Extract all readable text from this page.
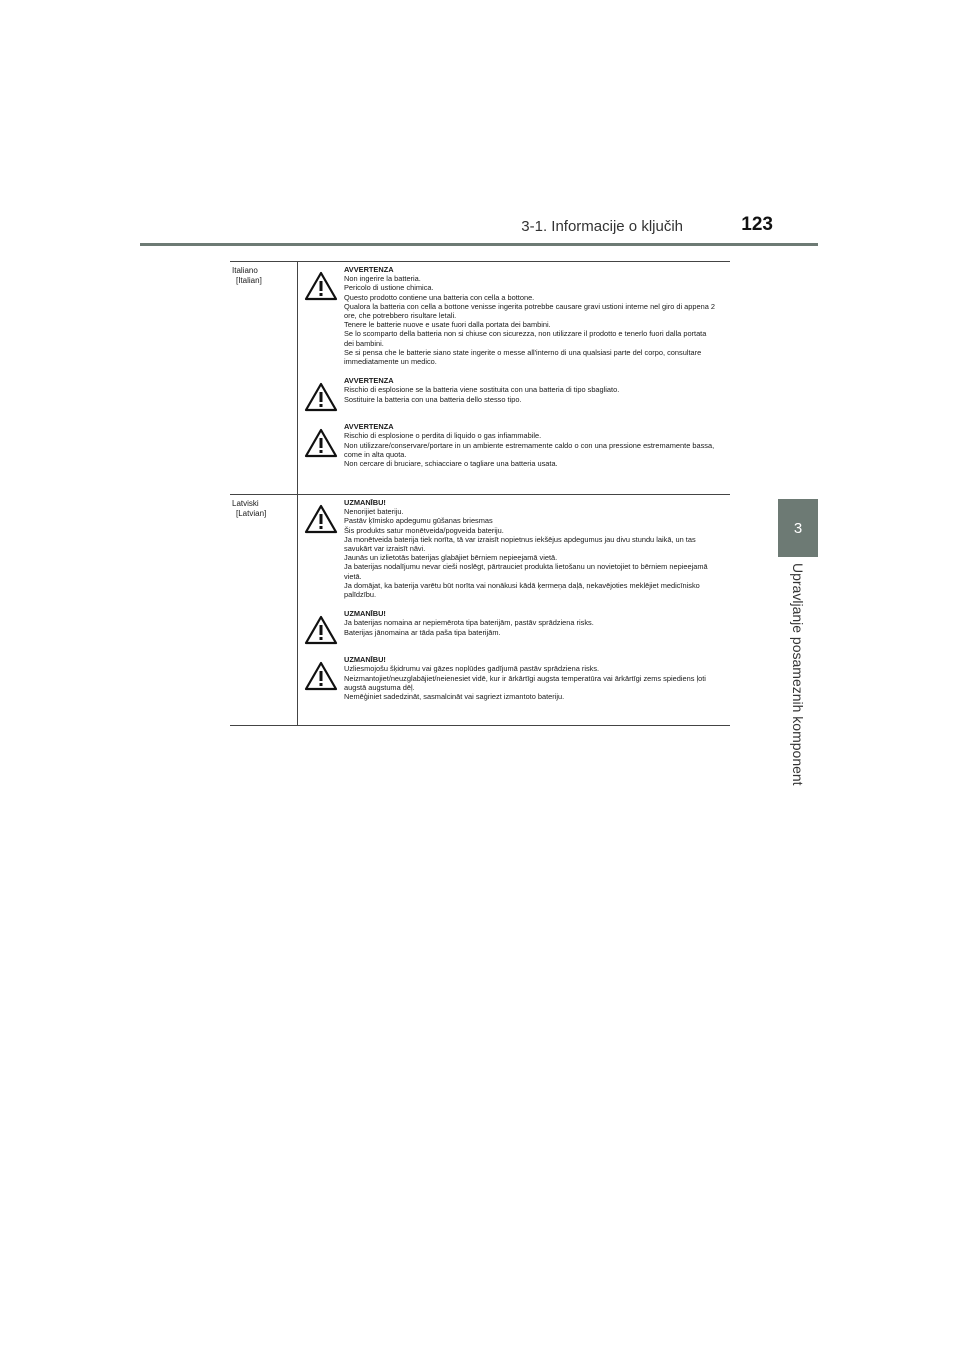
3-1. Informacije o ključih	123
3
Upravljanje posameznih komponent
Italiano
[Italian]
AVVERTENZA
Non ingerire la batteria.
Pericolo di ustione chimica.
Questo prodotto contiene una batteria con cella a bottone.
Qualora la batteria con cella a bottone venisse ingerita potrebbe causare gravi ustioni interne nel giro di appena 2
ore, che potrebbero risultare letali.
Tenere le batterie nuove e usate fuori dalla portata dei bambini.
Se lo scomparto della batteria non si chiuse con sicurezza, non utilizzare il prodotto e tenerlo fuori dalla portata
dei bambini.
Se si pensa che le batterie siano state ingerite o messe all'interno di una qualsiasi parte del corpo, consultare
immediatamente un medico.
AVVERTENZA
Rischio di esplosione se la batteria viene sostituita con una batteria di tipo sbagliato.
Sostituire la batteria con una batteria dello stesso tipo.
AVVERTENZA
Rischio di esplosione o perdita di liquido o gas infiammabile.
Non utilizzare/conservare/portare in un ambiente estremamente caldo o con una pressione estremamente bassa,
come in alta quota.
Non cercare di bruciare, schiacciare o tagliare una batteria usata.
Latviski
[Latvian]
UZMANĪBU!
Nenorijiet bateriju.
Pastāv ķīmisko apdegumu gūšanas briesmas
Šis produkts satur monētveida/pogveida bateriju.
Ja monētveida baterija tiek norīta, tā var izraisīt nopietnus iekšējus apdegumus jau divu stundu laikā, un tas
savukārt var izraisīt nāvi.
Jaunās un izlietotās baterijas glabājiet bērniem nepieejamā vietā.
Ja baterijas nodalījumu nevar cieši noslēgt, pārtrauciet produkta lietošanu un novietojiet to bērniem nepieejamā
vietā.
Ja domājat, ka baterija varētu būt norīta vai nonākusi kādā ķermeņa daļā, nekavējoties meklējiet medicīnisko
palīdzību.
UZMANĪBU!
Ja baterijas nomaina ar nepiemērota tipa baterijām, pastāv sprādziena risks.
Baterijas jānomaina ar tāda paša tipa baterijām.
UZMANĪBU!
Uzliesmojošu šķidrumu vai gāzes noplūdes gadījumā pastāv sprādziena risks.
Neizmantojiet/neuzglabājiet/neienesiet vidē, kur ir ārkārtīgi augsta temperatūra vai ārkārtīgi zems spiediens ļoti
augstā augstuma dēļ.
Nemēģiniet sadedzināt, sasmalcināt vai sagriezt izmantoto bateriju.
